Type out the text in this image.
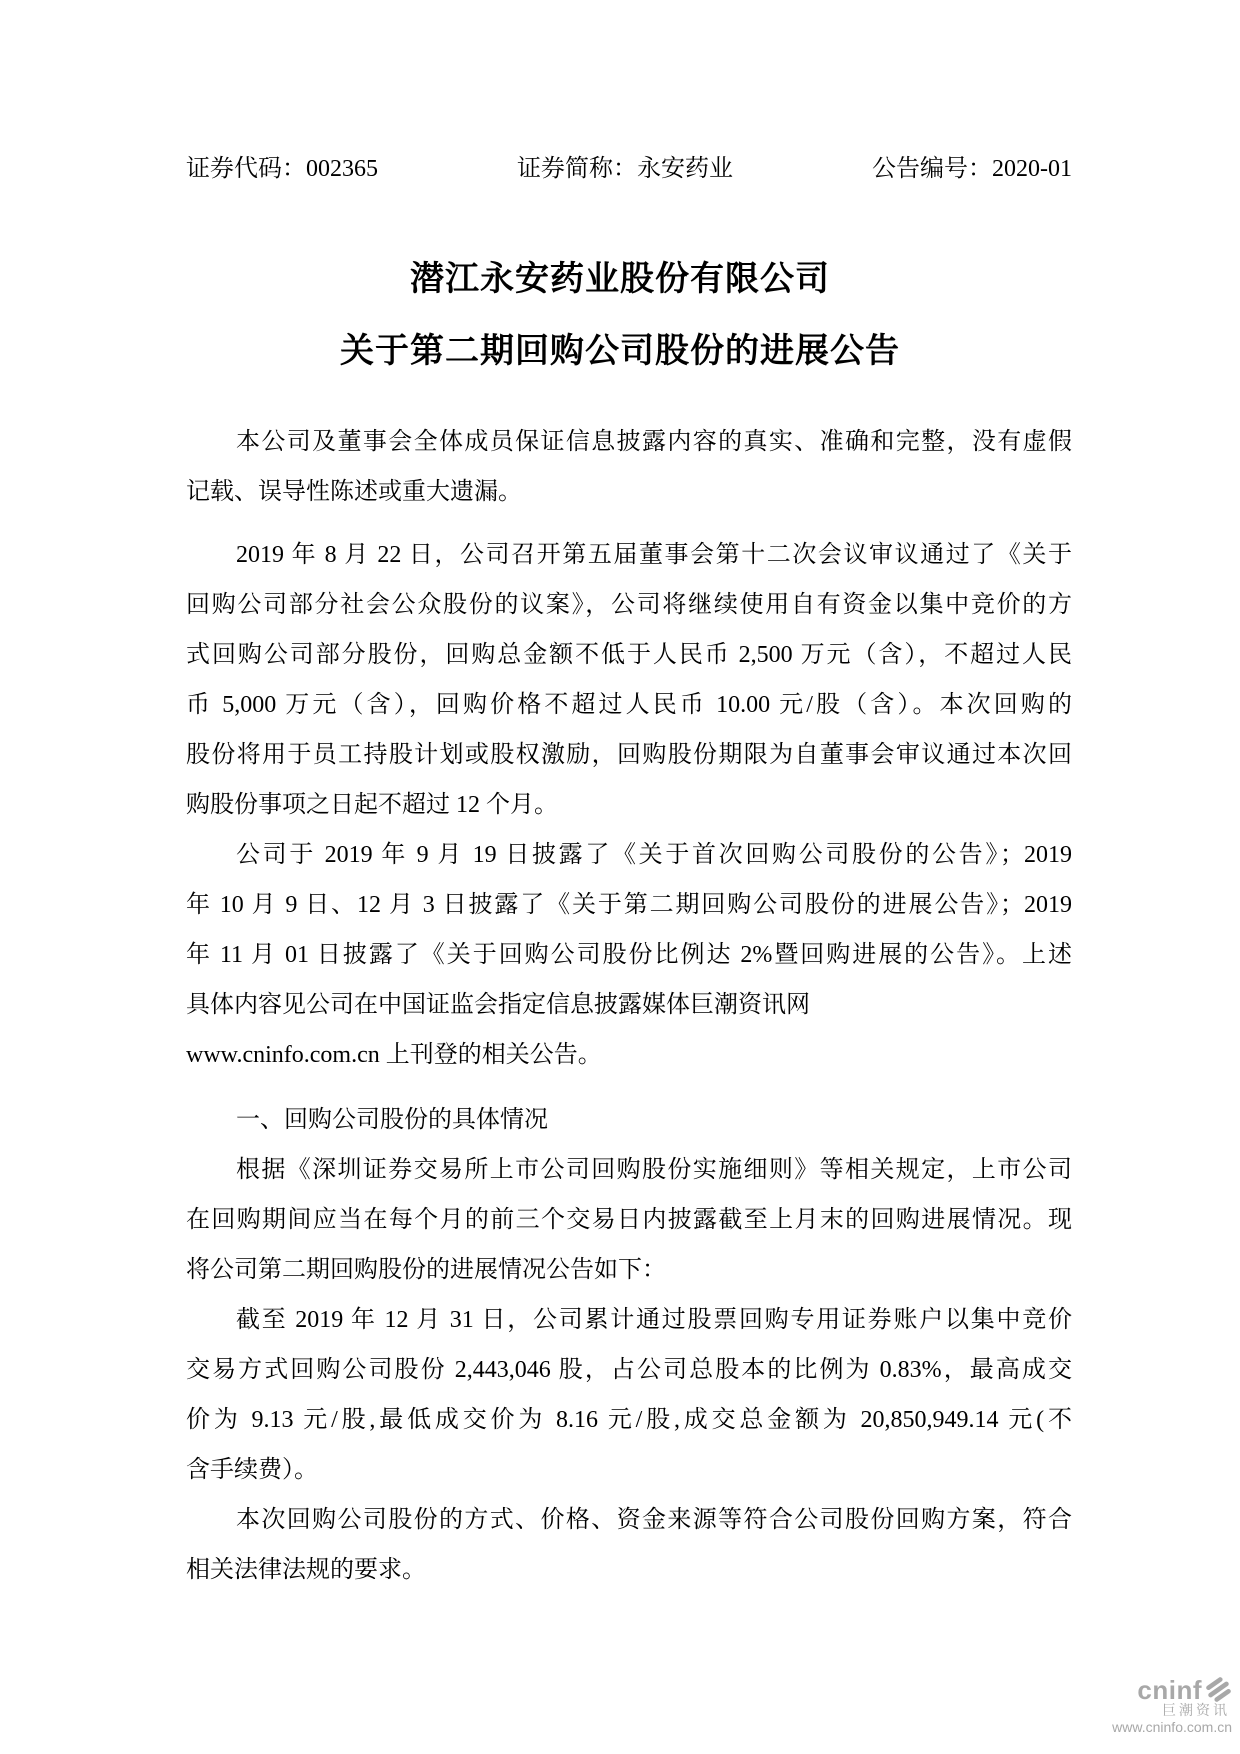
证券代码：002365	证券简称：永安药业	公告编号：2020-01
潜江永安药业股份有限公司
关于第二期回购公司股份的进展公告
本公司及董事会全体成员保证信息披露内容的真实、准确和完整，没有虚假
记载、误导性陈述或重大遗漏。
2019 年 8 月 22 日，公司召开第五届董事会第十二次会议审议通过了《关于
回购公司部分社会公众股份的议案》，公司将继续使用自有资金以集中竞价的方
式回购公司部分股份，回购总金额不低于人民币 2,500 万元（含），不超过人民
币 5,000 万元（含），回购价格不超过人民币 10.00 元/股（含）。本次回购的
股份将用于员工持股计划或股权激励，回购股份期限为自董事会审议通过本次回
购股份事项之日起不超过 12 个月。
公司于 2019 年 9 月 19 日披露了《关于首次回购公司股份的公告》；2019
年 10 月 9 日、12 月 3 日披露了《关于第二期回购公司股份的进展公告》；2019
年 11 月 01 日披露了《关于回购公司股份比例达 2%暨回购进展的公告》。上述
具体内容见公司在中国证监会指定信息披露媒体巨潮资讯网
www.cninfo.com.cn 上刊登的相关公告。
一、回购公司股份的具体情况
根据《深圳证券交易所上市公司回购股份实施细则》等相关规定，上市公司
在回购期间应当在每个月的前三个交易日内披露截至上月末的回购进展情况。现
将公司第二期回购股份的进展情况公告如下：
截至 2019 年 12 月 31 日，公司累计通过股票回购专用证券账户以集中竞价
交易方式回购公司股份 2,443,046 股，占公司总股本的比例为 0.83%，最高成交
价为 9.13 元/股,最低成交价为 8.16 元/股,成交总金额为 20,850,949.14 元(不
含手续费）。
本次回购公司股份的方式、价格、资金来源等符合公司股份回购方案，符合
相关法律法规的要求。
cninf
巨潮资讯
www.cninfo.com.cn
